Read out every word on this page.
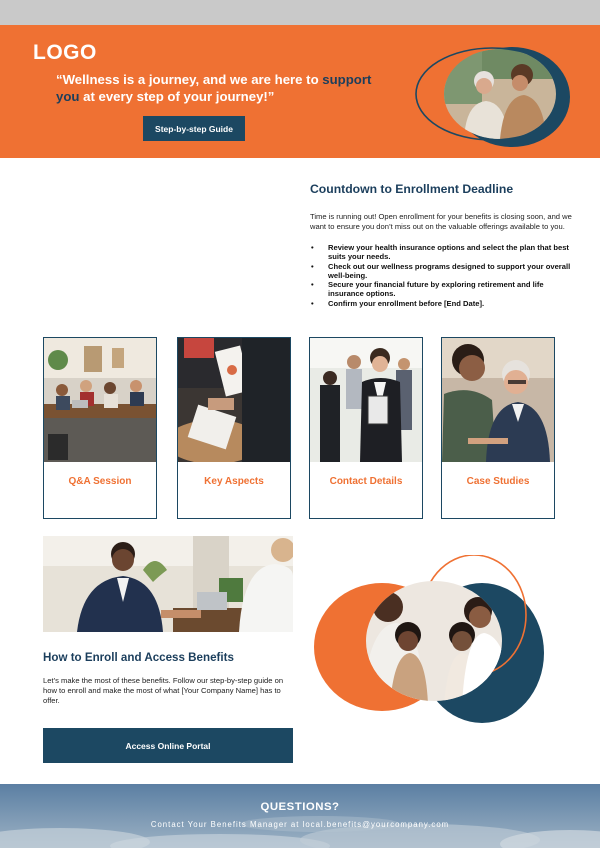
LOGO
“Wellness is a journey, and we are here to support you at every step of your journey!”
Step-by-step Guide
Countdown to Enrollment Deadline
Time is running out! Open enrollment for your benefits is closing soon, and we want to ensure you don’t miss out on the valuable offerings available to you.
• Review your health insurance options and select the plan that best suits your needs.
• Check out our wellness programs designed to support your overall well-being.
• Secure your financial future by exploring retirement and life insurance options.
• Confirm your enrollment before [End Date].
Q&A Session	Key Aspects	Contact Details	Case Studies
How to Enroll and Access Benefits
Let’s make the most of these benefits. Follow our step-by-step guide on how to enroll and make the most of what [Your Company Name] has to offer.
Access Online Portal
QUESTIONS?
Contact Your Benefits Manager at local.benefits@yourcompany.com
